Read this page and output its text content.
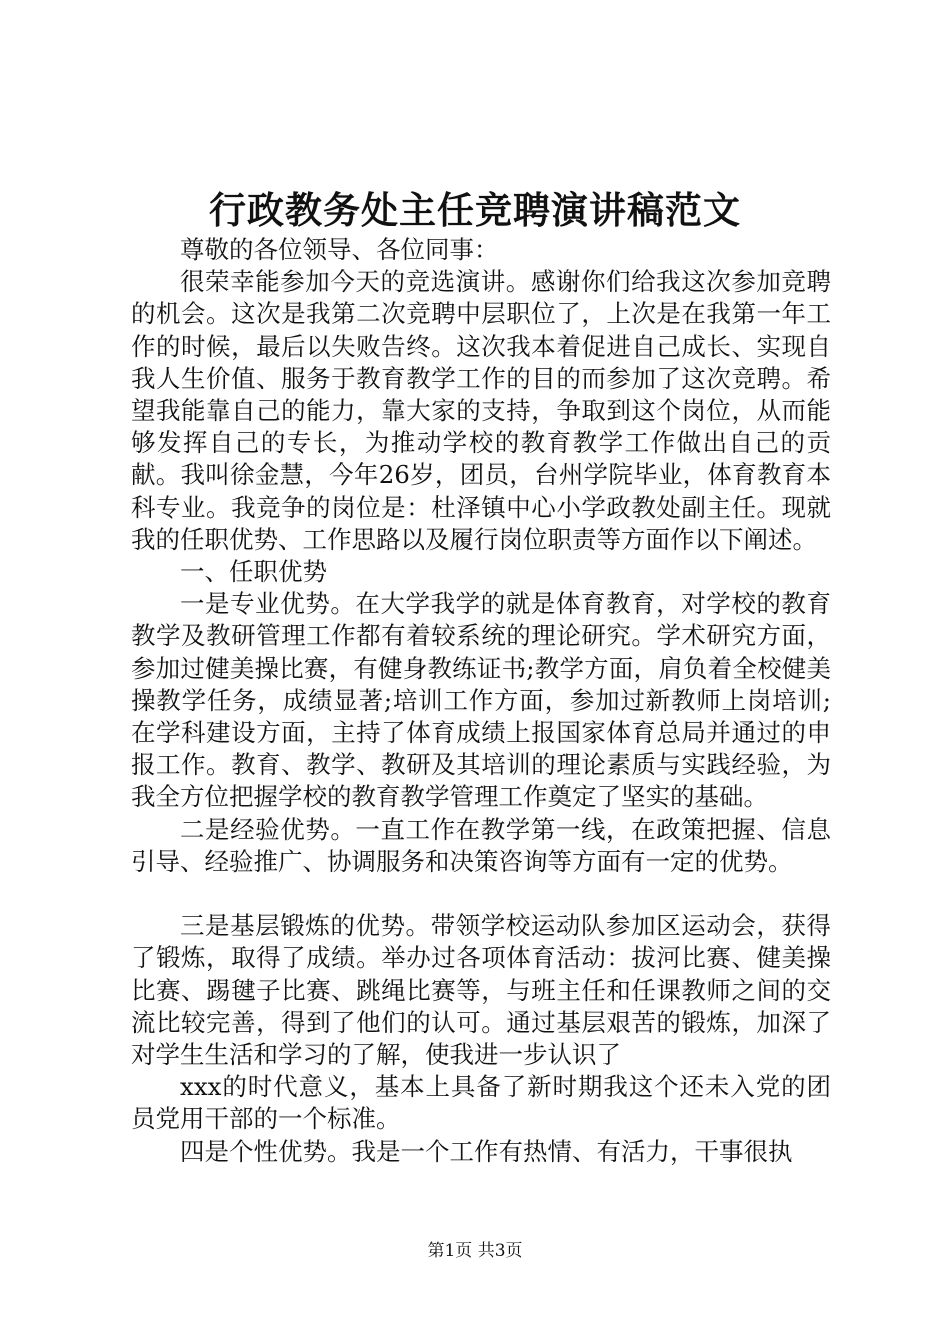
行政教务处主任竞聘演讲稿范文

尊敬的各位领导、各位同事：

很荣幸能参加今天的竞选演讲。感谢你们给我这次参加竞聘的机会。这次是我第二次竞聘中层职位了，上次是在我第一年工作的时候，最后以失败告终。这次我本着促进自己成长、实现自我人生价值、服务于教育教学工作的目的而参加了这次竞聘。希望我能靠自己的能力，靠大家的支持，争取到这个岗位，从而能够发挥自己的专长，为推动学校的教育教学工作做出自己的贡献。我叫徐金慧，今年26岁，团员，台州学院毕业，体育教育本科专业。我竞争的岗位是：杜泽镇中心小学政教处副主任。现就我的任职优势、工作思路以及履行岗位职责等方面作以下阐述。

一、任职优势

一是专业优势。在大学我学的就是体育教育，对学校的教育教学及教研管理工作都有着较系统的理论研究。学术研究方面，参加过健美操比赛，有健身教练证书;教学方面，肩负着全校健美操教学任务，成绩显著;培训工作方面，参加过新教师上岗培训;在学科建设方面，主持了体育成绩上报国家体育总局并通过的申报工作。教育、教学、教研及其培训的理论素质与实践经验，为我全方位把握学校的教育教学管理工作奠定了坚实的基础。

二是经验优势。一直工作在教学第一线，在政策把握、信息引导、经验推广、协调服务和决策咨询等方面有一定的优势。

三是基层锻炼的优势。带领学校运动队参加区运动会，获得了锻炼，取得了成绩。举办过各项体育活动：拔河比赛、健美操比赛、踢毽子比赛、跳绳比赛等，与班主任和任课教师之间的交流比较完善，得到了他们的认可。通过基层艰苦的锻炼，加深了对学生生活和学习的了解，使我进一步认识了

xxx的时代意义，基本上具备了新时期我这个还未入党的团员党用干部的一个标准。

四是个性优势。我是一个工作有热情、有活力，干事很执

第1页 共3页
